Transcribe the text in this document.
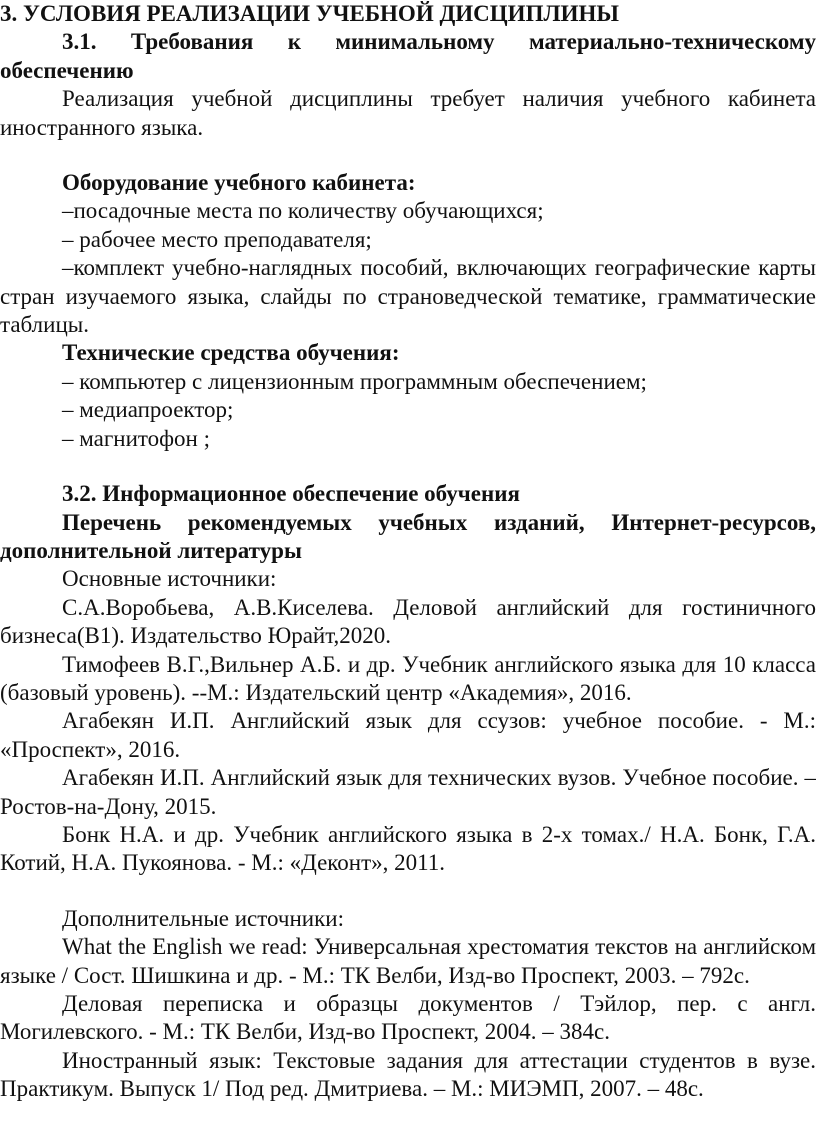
3. УСЛОВИЯ РЕАЛИЗАЦИИ УЧЕБНОЙ ДИСЦИПЛИНЫ

3.1. Требования к минимальному материально-техническому обеспечению

Реализация учебной дисциплины требует наличия учебного кабинета иностранного языка.

Оборудование учебного кабинета:

–посадочные места по количеству обучающихся;

– рабочее место преподавателя;

–комплект учебно-наглядных пособий, включающих географические карты стран изучаемого языка, слайды по страноведческой тематике, грамматические таблицы.

Технические средства обучения:

– компьютер с лицензионным программным обеспечением;

– медиапроектор;

– магнитофон ;

3.2. Информационное обеспечение обучения

Перечень рекомендуемых учебных изданий, Интернет-ресурсов, дополнительной литературы

Основные источники:

С.А.Воробьева, А.В.Киселева. Деловой английский для гостиничного бизнеса(В1). Издательство Юрайт,2020.

Тимофеев В.Г.,Вильнер А.Б. и др. Учебник английского языка для 10 класса (базовый уровень). --М.: Издательский центр «Академия», 2016.

Агабекян И.П. Английский язык для ссузов: учебное пособие. - М.: «Проспект», 2016.

Агабекян И.П. Английский язык для технических вузов. Учебное пособие. – Ростов-на-Дону, 2015.

Бонк Н.А. и др. Учебник английского языка в 2-х томах./ Н.А. Бонк, Г.А. Котий, Н.А. Пукоянова. - М.: «Деконт», 2011.

Дополнительные источники:

What the English we read: Универсальная хрестоматия текстов на английском языке / Сост. Шишкина и др. - М.: ТК Велби, Изд-во Проспект, 2003. – 792с.

Деловая переписка и образцы документов / Тэйлор, пер. с англ. Могилевского. - М.: ТК Велби, Изд-во Проспект, 2004. – 384с.

Иностранный язык: Текстовые задания для аттестации студентов в вузе. Практикум. Выпуск 1/ Под ред. Дмитриева. – М.: МИЭМП, 2007. – 48с.
